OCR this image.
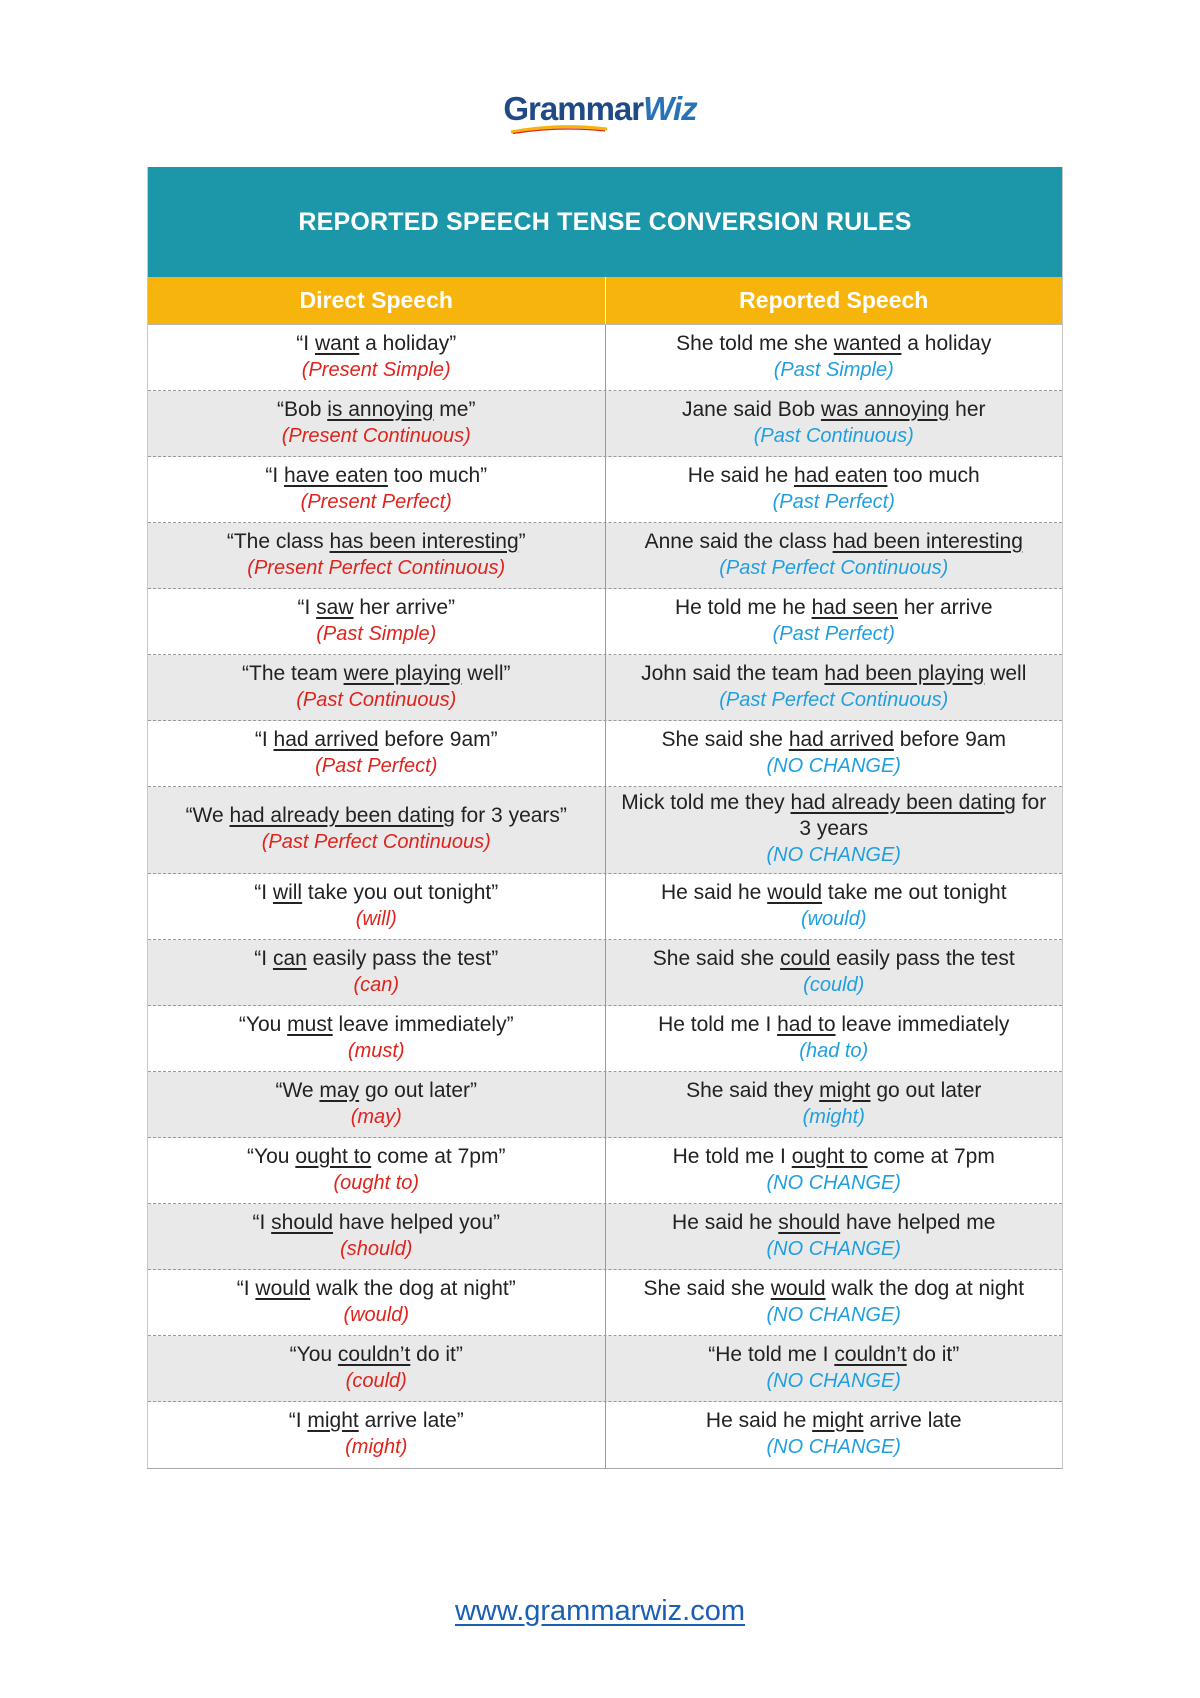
GrammarWiz
REPORTED SPEECH TENSE CONVERSION RULES
Direct Speech	Reported Speech
“I want a holiday”
(Present Simple)
She told me she wanted a holiday
(Past Simple)
“Bob is annoying me”
(Present Continuous)
Jane said Bob was annoying her
(Past Continuous)
“I have eaten too much”
(Present Perfect)
He said he had eaten too much
(Past Perfect)
“The class has been interesting”
(Present Perfect Continuous)
Anne said the class had been interesting
(Past Perfect Continuous)
“I saw her arrive”
(Past Simple)
He told me he had seen her arrive
(Past Perfect)
“The team were playing well”
(Past Continuous)
John said the team had been playing well
(Past Perfect Continuous)
“I had arrived before 9am”
(Past Perfect)
She said she had arrived before 9am
(NO CHANGE)
“We had already been dating for 3 years”
(Past Perfect Continuous)
Mick told me they had already been dating for 3 years
(NO CHANGE)
“I will take you out tonight”
(will)
He said he would take me out tonight
(would)
“I can easily pass the test”
(can)
She said she could easily pass the test
(could)
“You must leave immediately”
(must)
He told me I had to leave immediately
(had to)
“We may go out later”
(may)
She said they might go out later
(might)
“You ought to come at 7pm”
(ought to)
He told me I ought to come at 7pm
(NO CHANGE)
“I should have helped you”
(should)
He said he should have helped me
(NO CHANGE)
“I would walk the dog at night”
(would)
She said she would walk the dog at night
(NO CHANGE)
“You couldn’t do it”
(could)
“He told me I couldn’t do it”
(NO CHANGE)
“I might arrive late”
(might)
He said he might arrive late
(NO CHANGE)
www.grammarwiz.com
